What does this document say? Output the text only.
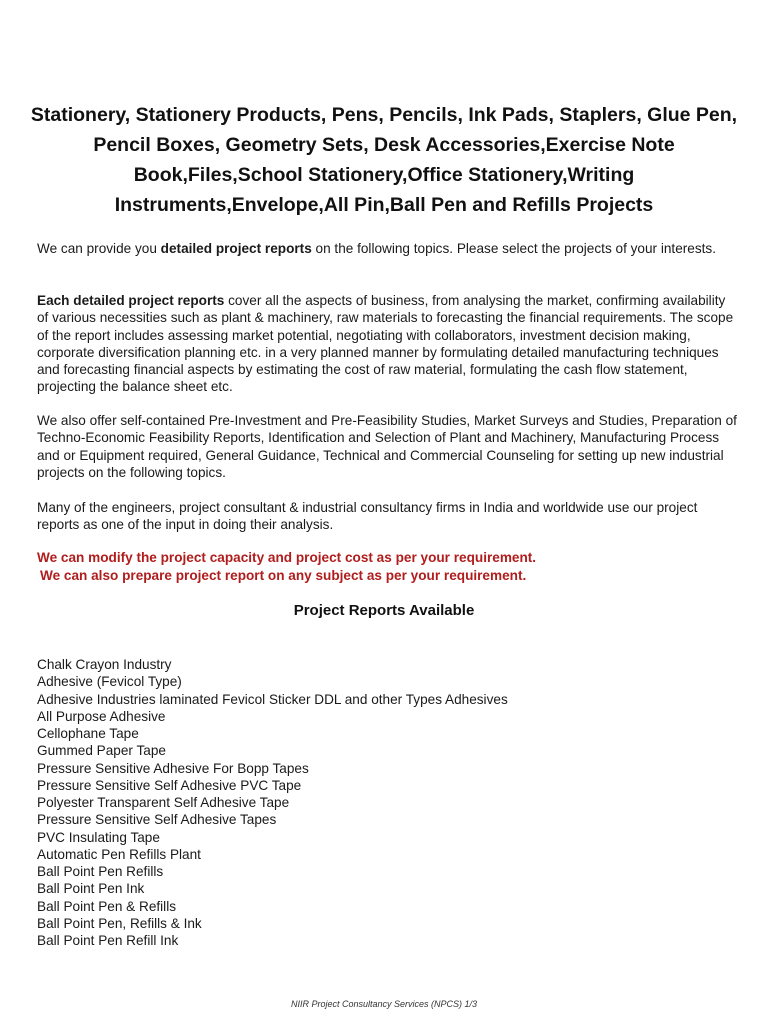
Stationery, Stationery Products, Pens, Pencils, Ink Pads, Staplers, Glue Pen, Pencil Boxes, Geometry Sets, Desk Accessories,Exercise Note Book,Files,School Stationery,Office Stationery,Writing Instruments,Envelope,All Pin,Ball Pen and Refills Projects

We can provide you detailed project reports on the following topics. Please select the projects of your interests.

Each detailed project reports cover all the aspects of business, from analysing the market, confirming availability of various necessities such as plant & machinery, raw materials to forecasting the financial requirements. The scope of the report includes assessing market potential, negotiating with collaborators, investment decision making, corporate diversification planning etc. in a very planned manner by formulating detailed manufacturing techniques and forecasting financial aspects by estimating the cost of raw material, formulating the cash flow statement, projecting the balance sheet etc.

We also offer self-contained Pre-Investment and Pre-Feasibility Studies, Market Surveys and Studies, Preparation of Techno-Economic Feasibility Reports, Identification and Selection of Plant and Machinery, Manufacturing Process and or Equipment required, General Guidance, Technical and Commercial Counseling for setting up new industrial projects on the following topics.

Many of the engineers, project consultant & industrial consultancy firms in India and worldwide use our project reports as one of the input in doing their analysis.

We can modify the project capacity and project cost as per your requirement.

We can also prepare project report on any subject as per your requirement.

Project Reports Available
Chalk Crayon Industry
Adhesive (Fevicol Type)
Adhesive Industries laminated Fevicol Sticker DDL and other Types Adhesives
All Purpose Adhesive
Cellophane Tape
Gummed Paper Tape
Pressure Sensitive Adhesive For Bopp Tapes
Pressure Sensitive Self Adhesive PVC Tape
Polyester Transparent Self Adhesive Tape
Pressure Sensitive Self Adhesive Tapes
PVC Insulating Tape
Automatic Pen Refills Plant
Ball Point Pen Refills
Ball Point Pen Ink
Ball Point Pen & Refills
Ball Point Pen, Refills & Ink
Ball Point Pen Refill Ink
NIIR Project Consultancy Services (NPCS) 1/3
